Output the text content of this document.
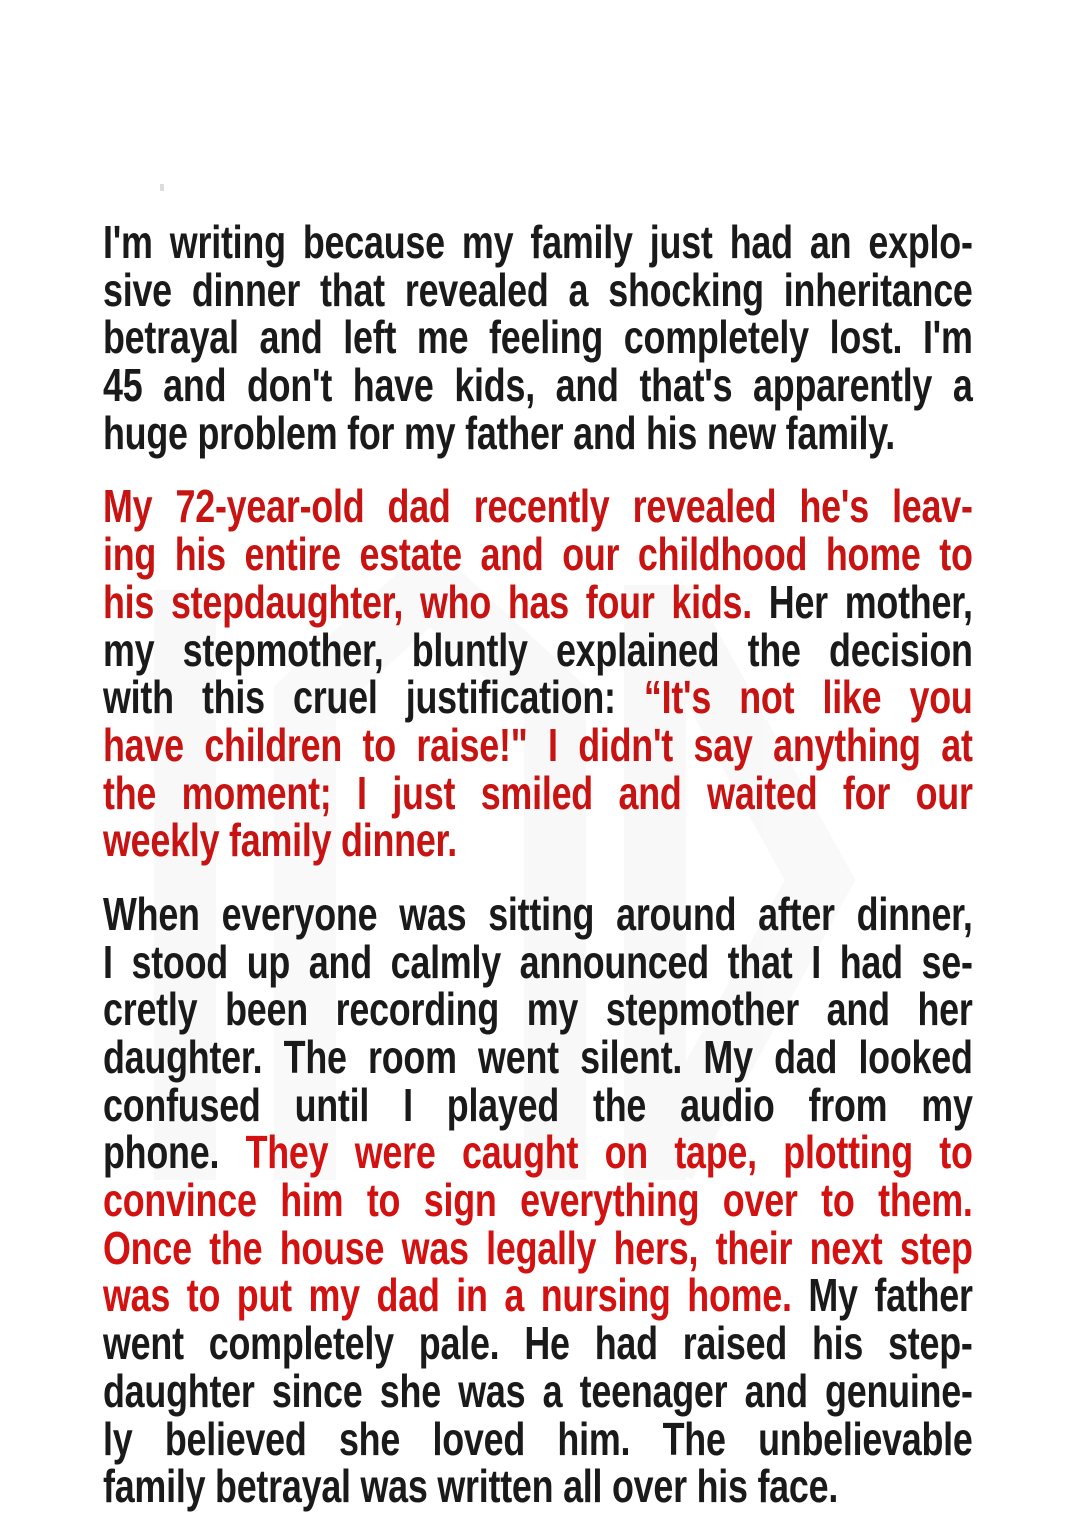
I'm writing because my family just had an explo-
sive dinner that revealed a shocking inheritance
betrayal and left me feeling completely lost. I'm
45 and don't have kids, and that's apparently a
huge problem for my father and his new family.
My 72-year-old dad recently revealed he's leav-
ing his entire estate and our childhood home to
his stepdaughter, who has four kids. Her mother,
my stepmother, bluntly explained the decision
with this cruel justification: “It's not like you
have children to raise!" I didn't say anything at
the moment; I just smiled and waited for our
weekly family dinner.
When everyone was sitting around after dinner,
I stood up and calmly announced that I had se-
cretly been recording my stepmother and her
daughter. The room went silent. My dad looked
confused until I played the audio from my
phone. They were caught on tape, plotting to
convince him to sign everything over to them.
Once the house was legally hers, their next step
was to put my dad in a nursing home. My father
went completely pale. He had raised his step-
daughter since she was a teenager and genuine-
ly believed she loved him. The unbelievable
family betrayal was written all over his face.
